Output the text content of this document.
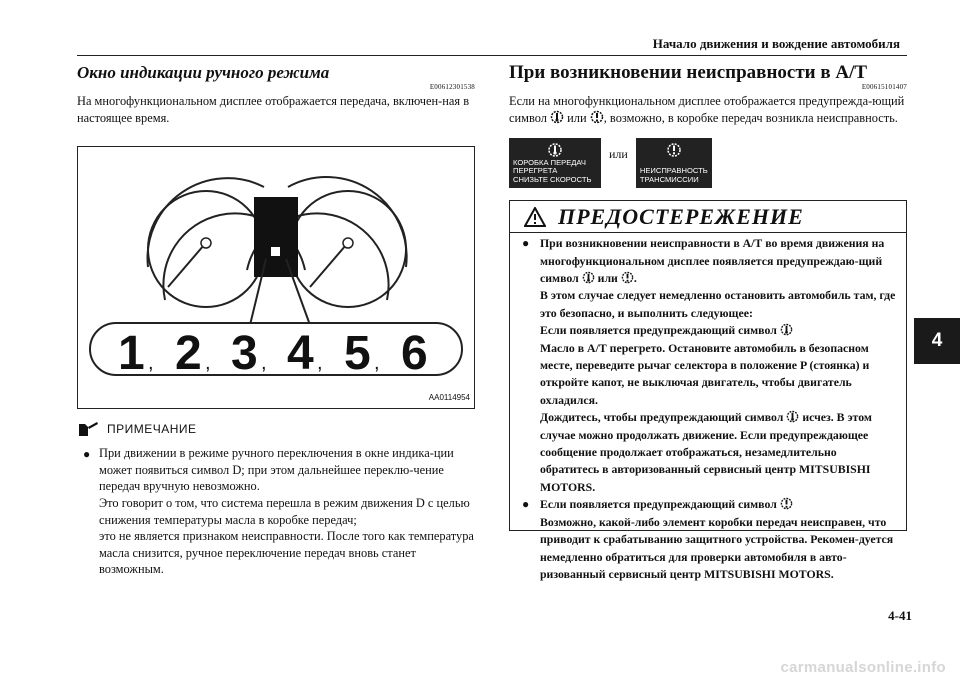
Начало движения и вождение автомобиля
Окно индикации ручного режима
E00612301538
На многофункциональном дисплее отображается передача, включен-ная в настоящее время.
1 , 2 , 3 , 4 , 5 , 6
AA0114954
ПРИМЕЧАНИЕ
● При движении в режиме ручного переключения в окне индика-ции может появиться символ D; при этом дальнейшее переклю-чение передач вручную невозможно.
Это говорит о том, что система перешла в режим движения D с целью снижения температуры масла в коробке передач;
это не является признаком неисправности. После того как температура масла снизится, ручное переключение передач вновь станет возможным.
При возникновении неисправности в А/Т
E00615101407
Если на многофункциональном дисплее отображается предупрежда-ющий символ или , возможно, в коробке передач возникла неисправность.
КОРОБКА ПЕРЕДАЧ
ПЕРЕГРЕТА
СНИЗЬТЕ СКОРОСТЬ
или
НЕИСПРАВНОСТЬ
ТРАНСМИССИИ
ПРЕДОСТЕРЕЖЕНИЕ
● При возникновении неисправности в А/Т во время движения на многофункциональном дисплее появляется предупреждаю-щий символ или .
В этом случае следует немедленно остановить автомобиль там, где это безопасно, и выполнить следующее:
Если появляется предупреждающий символ
Масло в А/Т перегрето. Остановите автомобиль в безопасном месте, переведите рычаг селектора в положение P (стоянка) и откройте капот, не выключая двигатель, чтобы двигатель охладился.
Дождитесь, чтобы предупреждающий символ исчез. В этом случае можно продолжать движение. Если предупреждающее сообщение продолжает отображаться, незамедлительно обратитесь в авторизованный сервисный центр MITSUBISHI MOTORS.
● Если появляется предупреждающий символ
Возможно, какой-либо элемент коробки передач неисправен, что приводит к срабатыванию защитного устройства. Рекомен-дуется немедленно обратиться для проверки автомобиля в авто-ризованный сервисный центр MITSUBISHI MOTORS.
4
4-41
carmanualsonline.info
